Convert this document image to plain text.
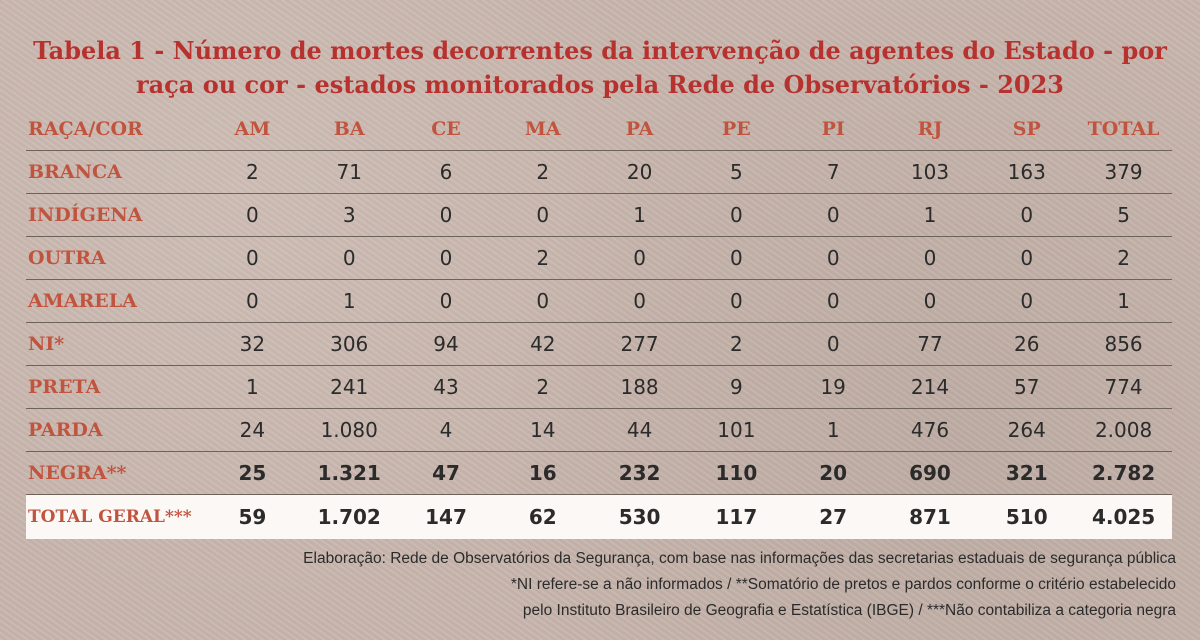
Tabela 1 - Número de mortes decorrentes da intervenção de agentes do Estado - por
raça ou cor - estados monitorados pela Rede de Observatórios - 2023
RAÇA/COR	AM	BA	CE	MA	PA	PE	PI	RJ	SP	TOTAL
BRANCA	2	71	6	2	20	5	7	103	163	379
INDÍGENA	0	3	0	0	1	0	0	1	0	5
OUTRA	0	0	0	2	0	0	0	0	0	2
AMARELA	0	1	0	0	0	0	0	0	0	1
NI*	32	306	94	42	277	2	0	77	26	856
PRETA	1	241	43	2	188	9	19	214	57	774
PARDA	24	1.080	4	14	44	101	1	476	264	2.008
NEGRA**	25	1.321	47	16	232	110	20	690	321	2.782
TOTAL GERAL***	59	1.702	147	62	530	117	27	871	510	4.025
Elaboração: Rede de Observatórios da Segurança, com base nas informações das secretarias estaduais de segurança pública
*NI refere-se a não informados / **Somatório de pretos e pardos conforme o critério estabelecido
pelo Instituto Brasileiro de Geografia e Estatística (IBGE) / ***Não contabiliza a categoria negra
